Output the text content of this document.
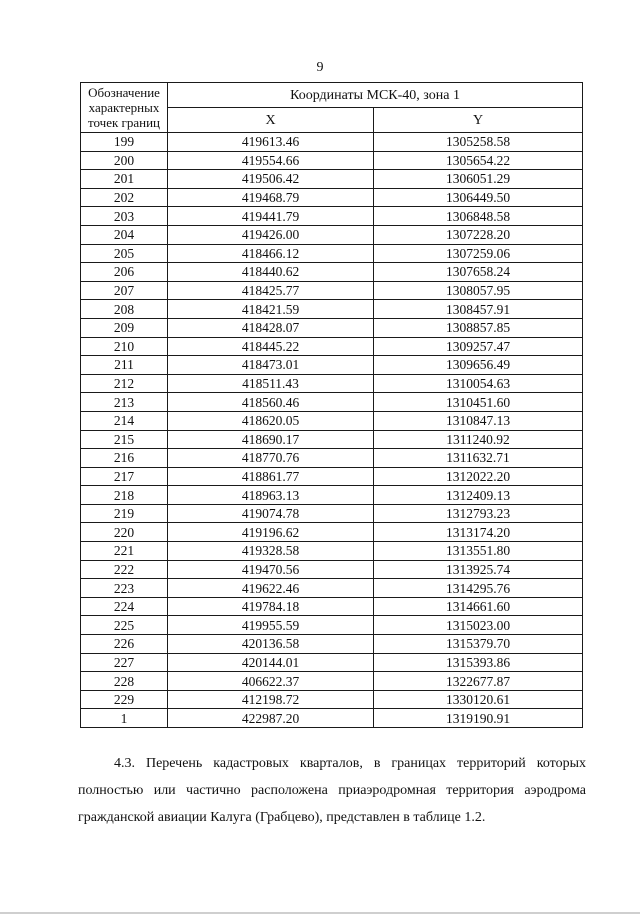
9
Обозначение характерных точек границ	Координаты МСК-40, зона 1	
	X	Y
199	419613.46	1305258.58
200	419554.66	1305654.22
201	419506.42	1306051.29
202	419468.79	1306449.50
203	419441.79	1306848.58
204	419426.00	1307228.20
205	418466.12	1307259.06
206	418440.62	1307658.24
207	418425.77	1308057.95
208	418421.59	1308457.91
209	418428.07	1308857.85
210	418445.22	1309257.47
211	418473.01	1309656.49
212	418511.43	1310054.63
213	418560.46	1310451.60
214	418620.05	1310847.13
215	418690.17	1311240.92
216	418770.76	1311632.71
217	418861.77	1312022.20
218	418963.13	1312409.13
219	419074.78	1312793.23
220	419196.62	1313174.20
221	419328.58	1313551.80
222	419470.56	1313925.74
223	419622.46	1314295.76
224	419784.18	1314661.60
225	419955.59	1315023.00
226	420136.58	1315379.70
227	420144.01	1315393.86
228	406622.37	1322677.87
229	412198.72	1330120.61
1	422987.20	1319190.91

4.3. Перечень кадастровых кварталов, в границах территорий которых полностью или частично расположена приаэродромная территория аэродрома гражданской авиации Калуга (Грабцево), представлен в таблице 1.2.
